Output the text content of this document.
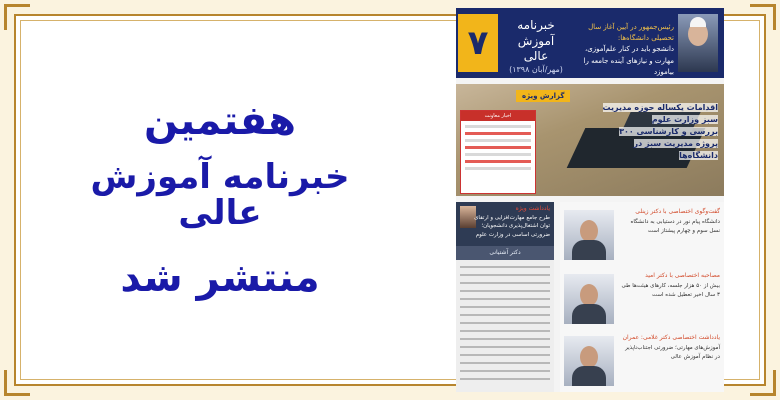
هفتمین
خبرنامه آموزش عالی
منتشر شد
۷	خبرنامه آموزش عالی
(مهر/آبان ۱۳۹۸)
رئیس‌جمهور در آیین آغاز سال تحصیلی دانشگاه‌ها:
دانشجو باید در کنار علم‌آموزی، مهارت و نیازهای آینده جامعه را بیاموزد
گزارش ویژه
اقدامات یکساله حوزه مدیریت سبز وزارت علوم
بررسی و کارشناسی ۳۰۰ پروژه مدیریت سبز در دانشگاه‌ها
اخبار معاونت
یادداشت ویژه
طرح جامع مهارت‌افزایی و ارتقای توان اشتغال‌پذیری دانشجویان؛ ضرورتی اساسی در وزارت علوم
دکتر آشتیانی
گفت‌وگوی اختصاصی با دکتر زینلی
دانشگاه پیام نور در دستیابی به دانشگاه نسل سوم و چهارم پیشتاز است
مصاحبه اختصاصی با دکتر امید
بیش از ۵۰ هزار جلسه، کارهای هیئت‌ها طی ۳ سال اخیر تعطیل شده است
یادداشت اختصاصی دکتر غلامی: عمران
آموزش‌های مهارتی؛ ضرورتی اجتناب‌ناپذیر در نظام آموزش عالی
